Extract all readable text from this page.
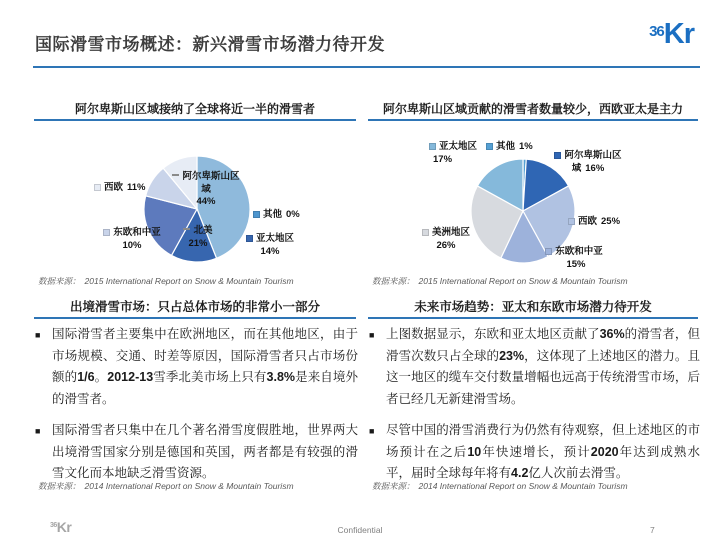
国际滑雪市场概述：新兴滑雪市场潜力待开发
36 Kr
阿尔卑斯山区域接纳了全球将近一半的滑雪者
阿尔卑斯山区域
44%
西欧 11%
东欧和中亚
10%
北美
21%
其他 0%
亚太地区
14%
数据来源： 2015 International Report on Snow & Mountain Tourism
阿尔卑斯山区域贡献的滑雪者数量较少，西欧亚太是主力
亚太地区17%
其他 1%
阿尔卑斯山区域 16%
西欧 25%
东欧和中亚15%
美洲地区
26%
数据来源： 2015 International Report on Snow & Mountain Tourism
出境滑雪市场：只占总体市场的非常小一部分
■ 国际滑雪者主要集中在欧洲地区，而在其他地区，由于市场规模、交通、时差等原因，国际滑雪者只占市场份额的1/6。2012-13雪季北美市场上只有3.8%是来自境外的滑雪者。
■ 国际滑雪者只集中在几个著名滑雪度假胜地，世界两大出境滑雪国家分别是德国和英国，两者都是有较强的滑雪文化而本地缺乏滑雪资源。
数据来源： 2014 International Report on Snow & Mountain Tourism
未来市场趋势：亚太和东欧市场潜力待开发
■ 上图数据显示，东欧和亚太地区贡献了36%的滑雪者，但滑雪次数只占全球的23%，这体现了上述地区的潜力。且这一地区的缆车交付数量增幅也远高于传统滑雪市场，后者已经几无新建滑雪场。
■ 尽管中国的滑雪消费行为仍然有待观察，但上述地区的市场预计在之后10年快速增长，预计2020年达到成熟水平，届时全球每年将有4.2亿人次前去滑雪。
数据来源： 2014 International Report on Snow & Mountain Tourism
36 Kr	Confidential	7
